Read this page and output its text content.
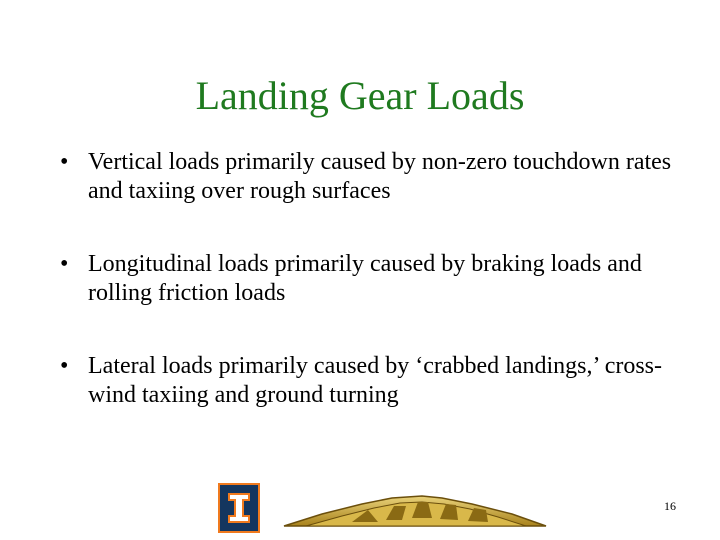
Landing Gear Loads
• Vertical loads primarily caused by non-zero touchdown rates and taxiing over rough surfaces
• Longitudinal loads primarily caused by braking loads and rolling friction loads
• Lateral loads primarily caused by ‘crabbed landings,’ cross-wind taxiing and ground turning
16
